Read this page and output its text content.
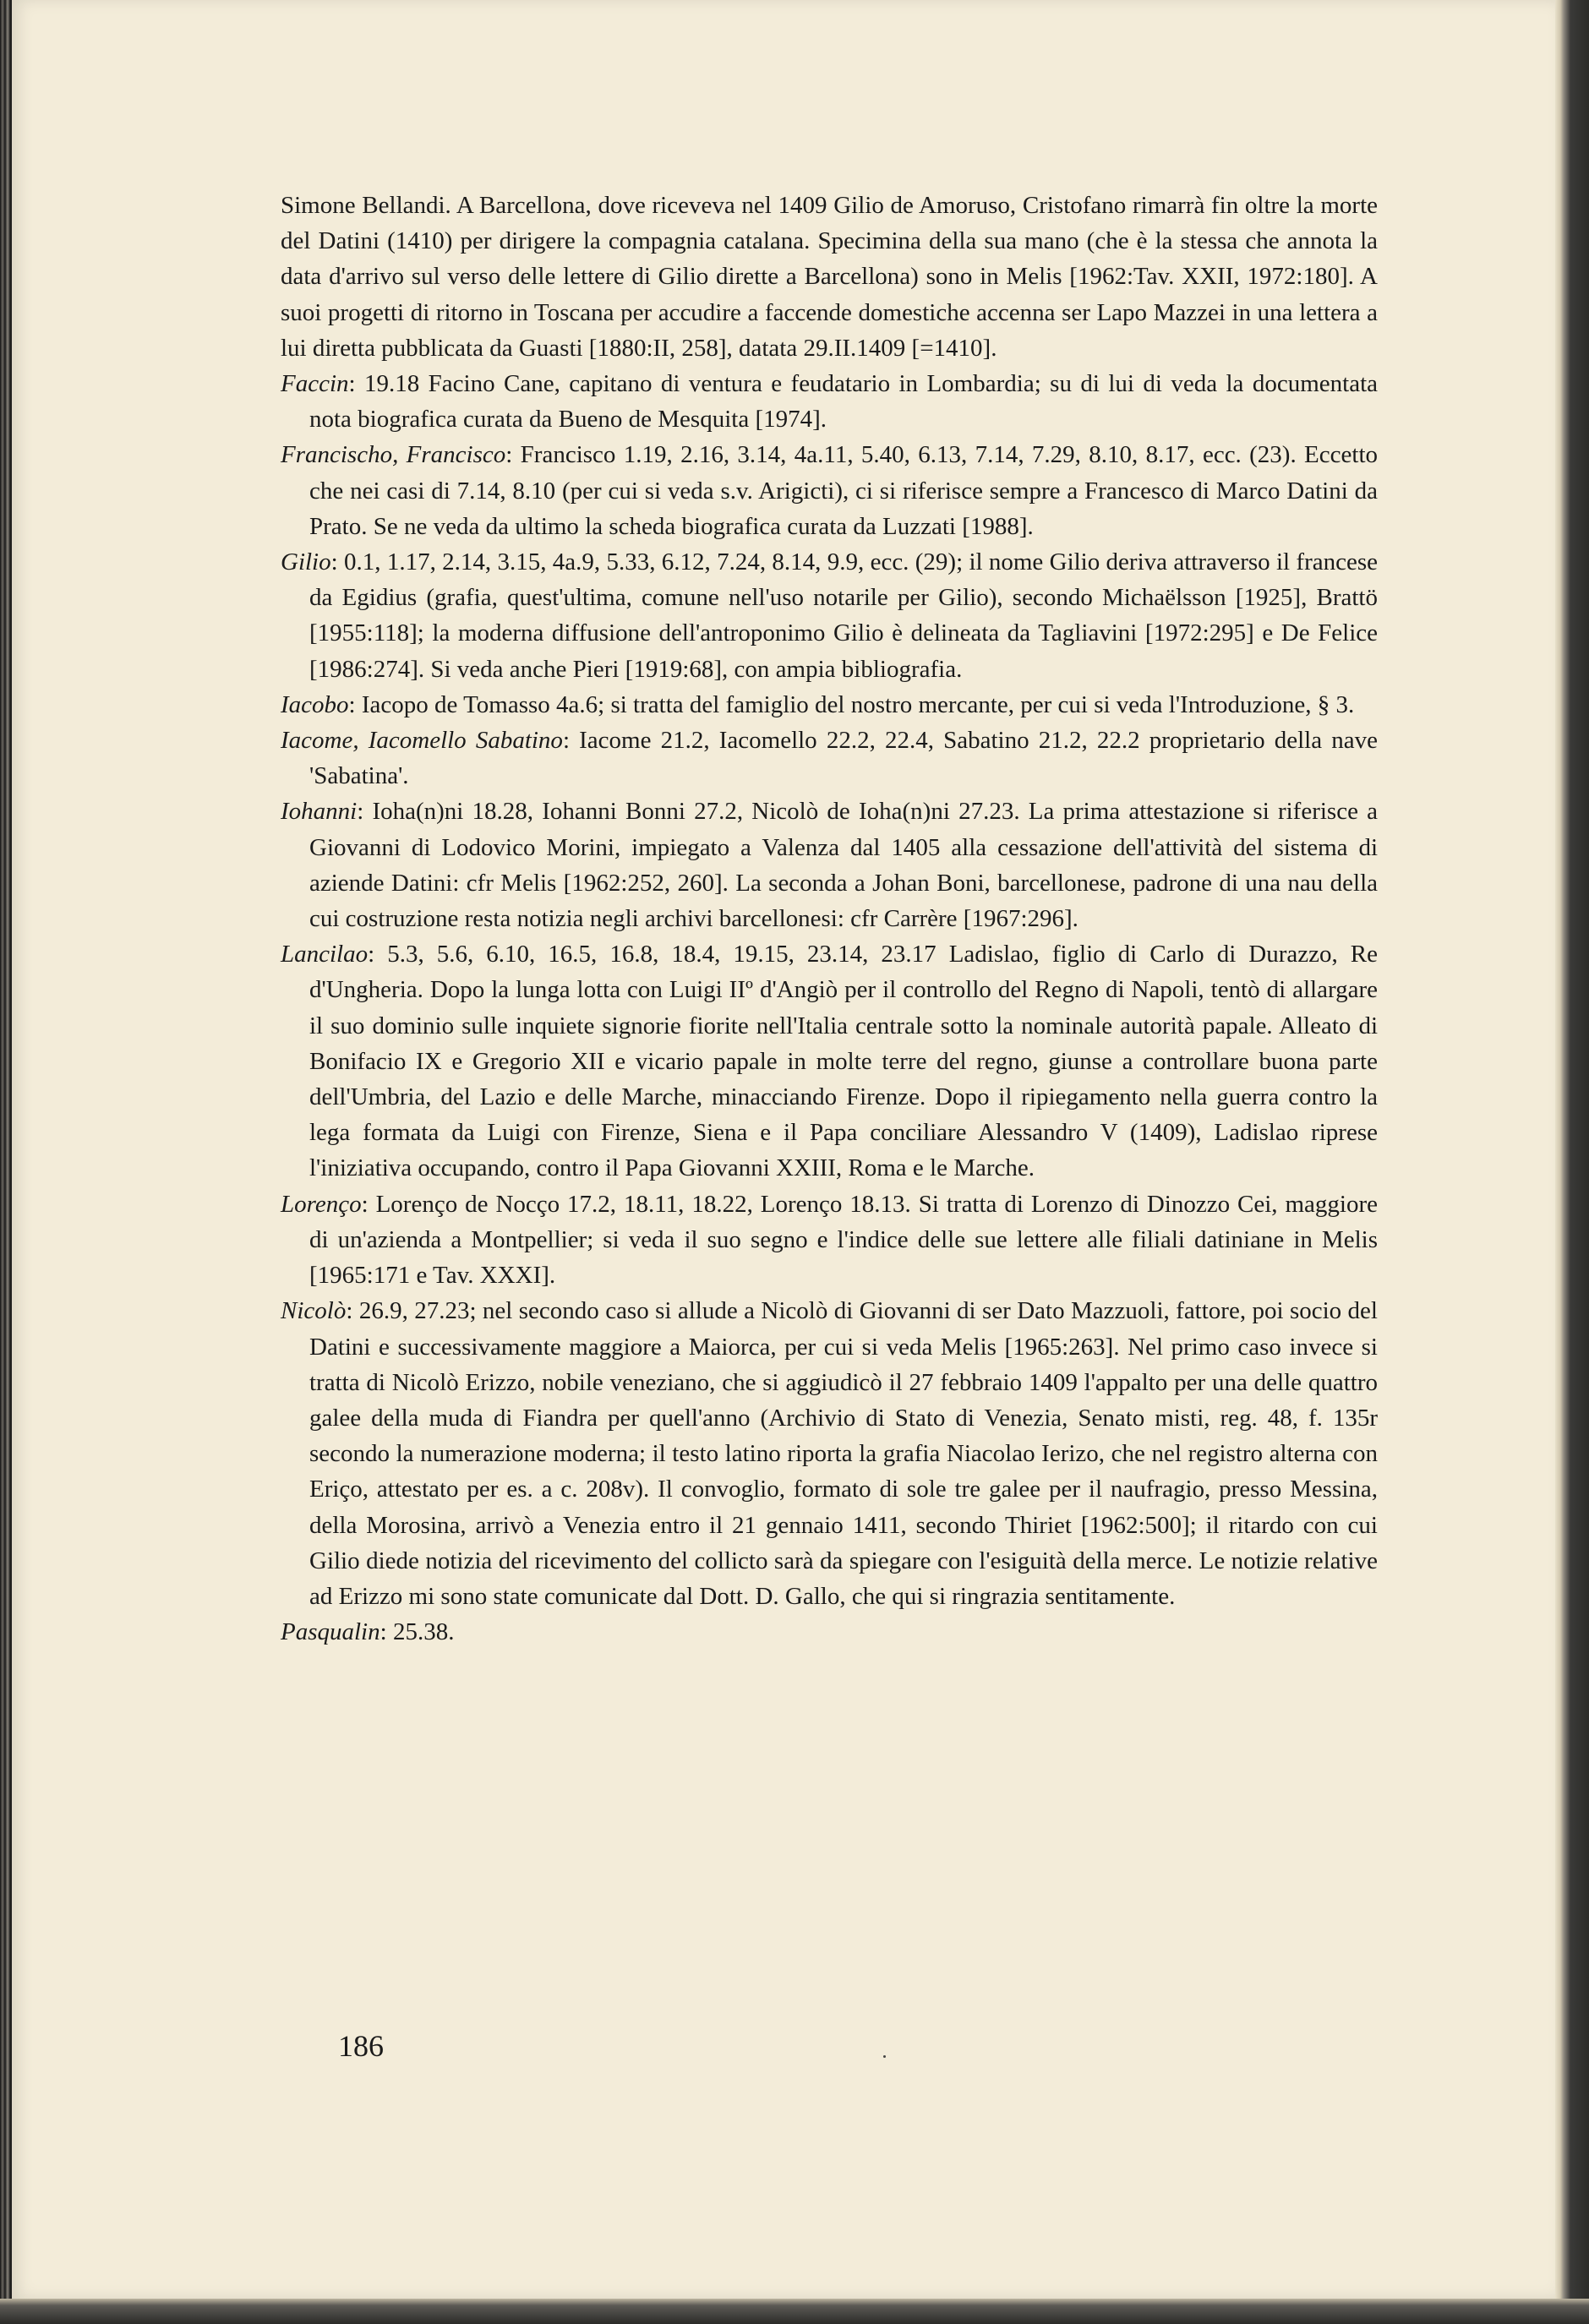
Simone Bellandi. A Barcellona, dove riceveva nel 1409 Gilio de Amoruso, Cristofano rimarrà fin oltre la morte del Datini (1410) per dirigere la compagnia catalana. Specimina della sua mano (che è la stessa che annota la data d'arrivo sul verso delle lettere di Gilio dirette a Barcellona) sono in Melis [1962:Tav. XXII, 1972:180]. A suoi progetti di ritorno in Toscana per accudire a faccende domestiche accenna ser Lapo Mazzei in una lettera a lui diretta pubblicata da Guasti [1880:II, 258], datata 29.II.1409 [=1410].

Faccin: 19.18 Facino Cane, capitano di ventura e feudatario in Lombardia; su di lui di veda la documentata nota biografica curata da Bueno de Mesquita [1974].

Francischo, Francisco: Francisco 1.19, 2.16, 3.14, 4a.11, 5.40, 6.13, 7.14, 7.29, 8.10, 8.17, ecc. (23). Eccetto che nei casi di 7.14, 8.10 (per cui si veda s.v. Arigicti), ci si riferisce sempre a Francesco di Marco Datini da Prato. Se ne veda da ultimo la scheda biografica curata da Luzzati [1988].

Gilio: 0.1, 1.17, 2.14, 3.15, 4a.9, 5.33, 6.12, 7.24, 8.14, 9.9, ecc. (29); il nome Gilio deriva attraverso il francese da Egidius (grafia, quest'ultima, comune nell'uso notarile per Gilio), secondo Michaëlsson [1925], Brattö [1955:118]; la moderna diffusione dell'antroponimo Gilio è delineata da Tagliavini [1972:295] e De Felice [1986:274]. Si veda anche Pieri [1919:68], con ampia bibliografia.

Iacobo: Iacopo de Tomasso 4a.6; si tratta del famiglio del nostro mercante, per cui si veda l'Introduzione, § 3.

Iacome, Iacomello Sabatino: Iacome 21.2, Iacomello 22.2, 22.4, Sabatino 21.2, 22.2 proprietario della nave 'Sabatina'.

Iohanni: Ioha(n)ni 18.28, Iohanni Bonni 27.2, Nicolò de Ioha(n)ni 27.23. La prima attestazione si riferisce a Giovanni di Lodovico Morini, impiegato a Valenza dal 1405 alla cessazione dell'attività del sistema di aziende Datini: cfr Melis [1962:252, 260]. La seconda a Johan Boni, barcellonese, padrone di una nau della cui costruzione resta notizia negli archivi barcellonesi: cfr Carrère [1967:296].

Lancilao: 5.3, 5.6, 6.10, 16.5, 16.8, 18.4, 19.15, 23.14, 23.17 Ladislao, figlio di Carlo di Durazzo, Re d'Ungheria. Dopo la lunga lotta con Luigi IIº d'Angiò per il controllo del Regno di Napoli, tentò di allargare il suo dominio sulle inquiete signorie fiorite nell'Italia centrale sotto la nominale autorità papale. Alleato di Bonifacio IX e Gregorio XII e vicario papale in molte terre del regno, giunse a controllare buona parte dell'Umbria, del Lazio e delle Marche, minacciando Firenze. Dopo il ripiegamento nella guerra contro la lega formata da Luigi con Firenze, Siena e il Papa conciliare Alessandro V (1409), Ladislao riprese l'iniziativa occupando, contro il Papa Giovanni XXIII, Roma e le Marche.

Lorenço: Lorenço de Nocço 17.2, 18.11, 18.22, Lorenço 18.13. Si tratta di Lorenzo di Dinozzo Cei, maggiore di un'azienda a Montpellier; si veda il suo segno e l'indice delle sue lettere alle filiali datiniane in Melis [1965:171 e Tav. XXXI].

Nicolò: 26.9, 27.23; nel secondo caso si allude a Nicolò di Giovanni di ser Dato Mazzuoli, fattore, poi socio del Datini e successivamente maggiore a Maiorca, per cui si veda Melis [1965:263]. Nel primo caso invece si tratta di Nicolò Erizzo, nobile veneziano, che si aggiudicò il 27 febbraio 1409 l'appalto per una delle quattro galee della muda di Fiandra per quell'anno (Archivio di Stato di Venezia, Senato misti, reg. 48, f. 135r secondo la numerazione moderna; il testo latino riporta la grafia Niacolao Ierizo, che nel registro alterna con Eriço, attestato per es. a c. 208v). Il convoglio, formato di sole tre galee per il naufragio, presso Messina, della Morosina, arrivò a Venezia entro il 21 gennaio 1411, secondo Thiriet [1962:500]; il ritardo con cui Gilio diede notizia del ricevimento del collicto sarà da spiegare con l'esiguità della merce. Le notizie relative ad Erizzo mi sono state comunicate dal Dott. D. Gallo, che qui si ringrazia sentitamente.

Pasqualin: 25.38.

186
